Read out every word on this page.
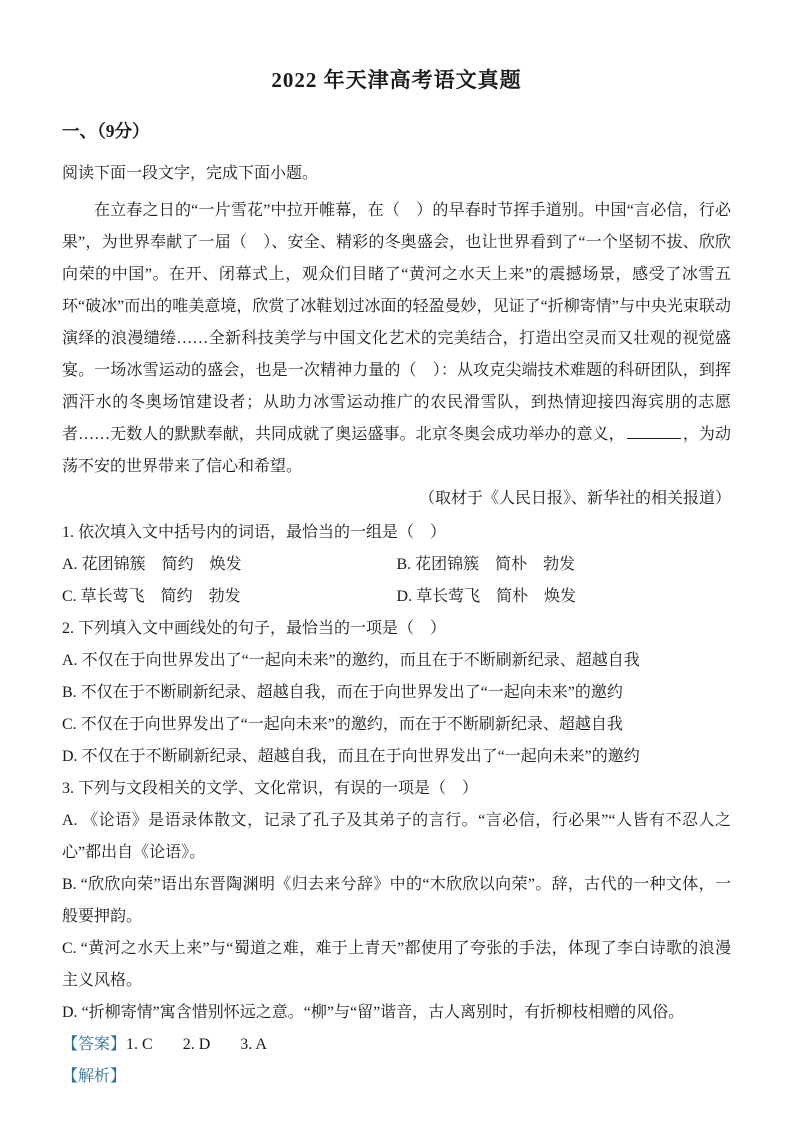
2022 年天津高考语文真题
一、（9分）

阅读下面一段文字，完成下面小题。

在立春之日的“一片雪花”中拉开帷幕，在（　）的早春时节挥手道别。中国“言必信，行必果”，为世界奉献了一届（　）、安全、精彩的冬奥盛会，也让世界看到了“一个坚韧不拔、欣欣向荣的中国”。在开、闭幕式上，观众们目睹了“黄河之水天上来”的震撼场景，感受了冰雪五环“破冰”而出的唯美意境，欣赏了冰鞋划过冰面的轻盈曼妙，见证了“折柳寄情”与中央光束联动演绎的浪漫缱绻……全新科技美学与中国文化艺术的完美结合，打造出空灵而又壮观的视觉盛宴。一场冰雪运动的盛会，也是一次精神力量的（　）：从攻克尖端技术难题的科研团队，到挥洒汗水的冬奥场馆建设者；从助力冰雪运动推广的农民滑雪队，到热情迎接四海宾朋的志愿者……无数人的默默奉献，共同成就了奥运盛事。北京冬奥会成功举办的意义，	，为动荡不安的世界带来了信心和希望。

（取材于《人民日报》、新华社的相关报道）

1. 依次填入文中括号内的词语，最恰当的一组是（　）

A. 花团锦簇　简约　焕发	B. 花团锦簇　简朴　勃发

C. 草长莺飞　简约　勃发	D. 草长莺飞　简朴　焕发

2. 下列填入文中画线处的句子，最恰当的一项是（　）

A. 不仅在于向世界发出了“一起向未来”的邀约，而且在于不断刷新纪录、超越自我

B. 不仅在于不断刷新纪录、超越自我，而在于向世界发出了“一起向未来”的邀约

C. 不仅在于向世界发出了“一起向未来”的邀约，而在于不断刷新纪录、超越自我

D. 不仅在于不断刷新纪录、超越自我，而且在于向世界发出了“一起向未来”的邀约

3. 下列与文段相关的文学、文化常识，有误的一项是（　）

A. 《论语》是语录体散文，记录了孔子及其弟子的言行。“言必信，行必果”“人皆有不忍人之心”都出自《论语》。

B. “欣欣向荣”语出东晋陶渊明《归去来兮辞》中的“木欣欣以向荣”。辞，古代的一种文体，一般要押韵。

C. “黄河之水天上来”与“蜀道之难，难于上青天”都使用了夸张的手法，体现了李白诗歌的浪漫主义风格。

D. “折柳寄情”寓含惜别怀远之意。“柳”与“留”谐音，古人离别时，有折柳枝相赠的风俗。

【答案】1. C 2. D 3. A

【解析】
